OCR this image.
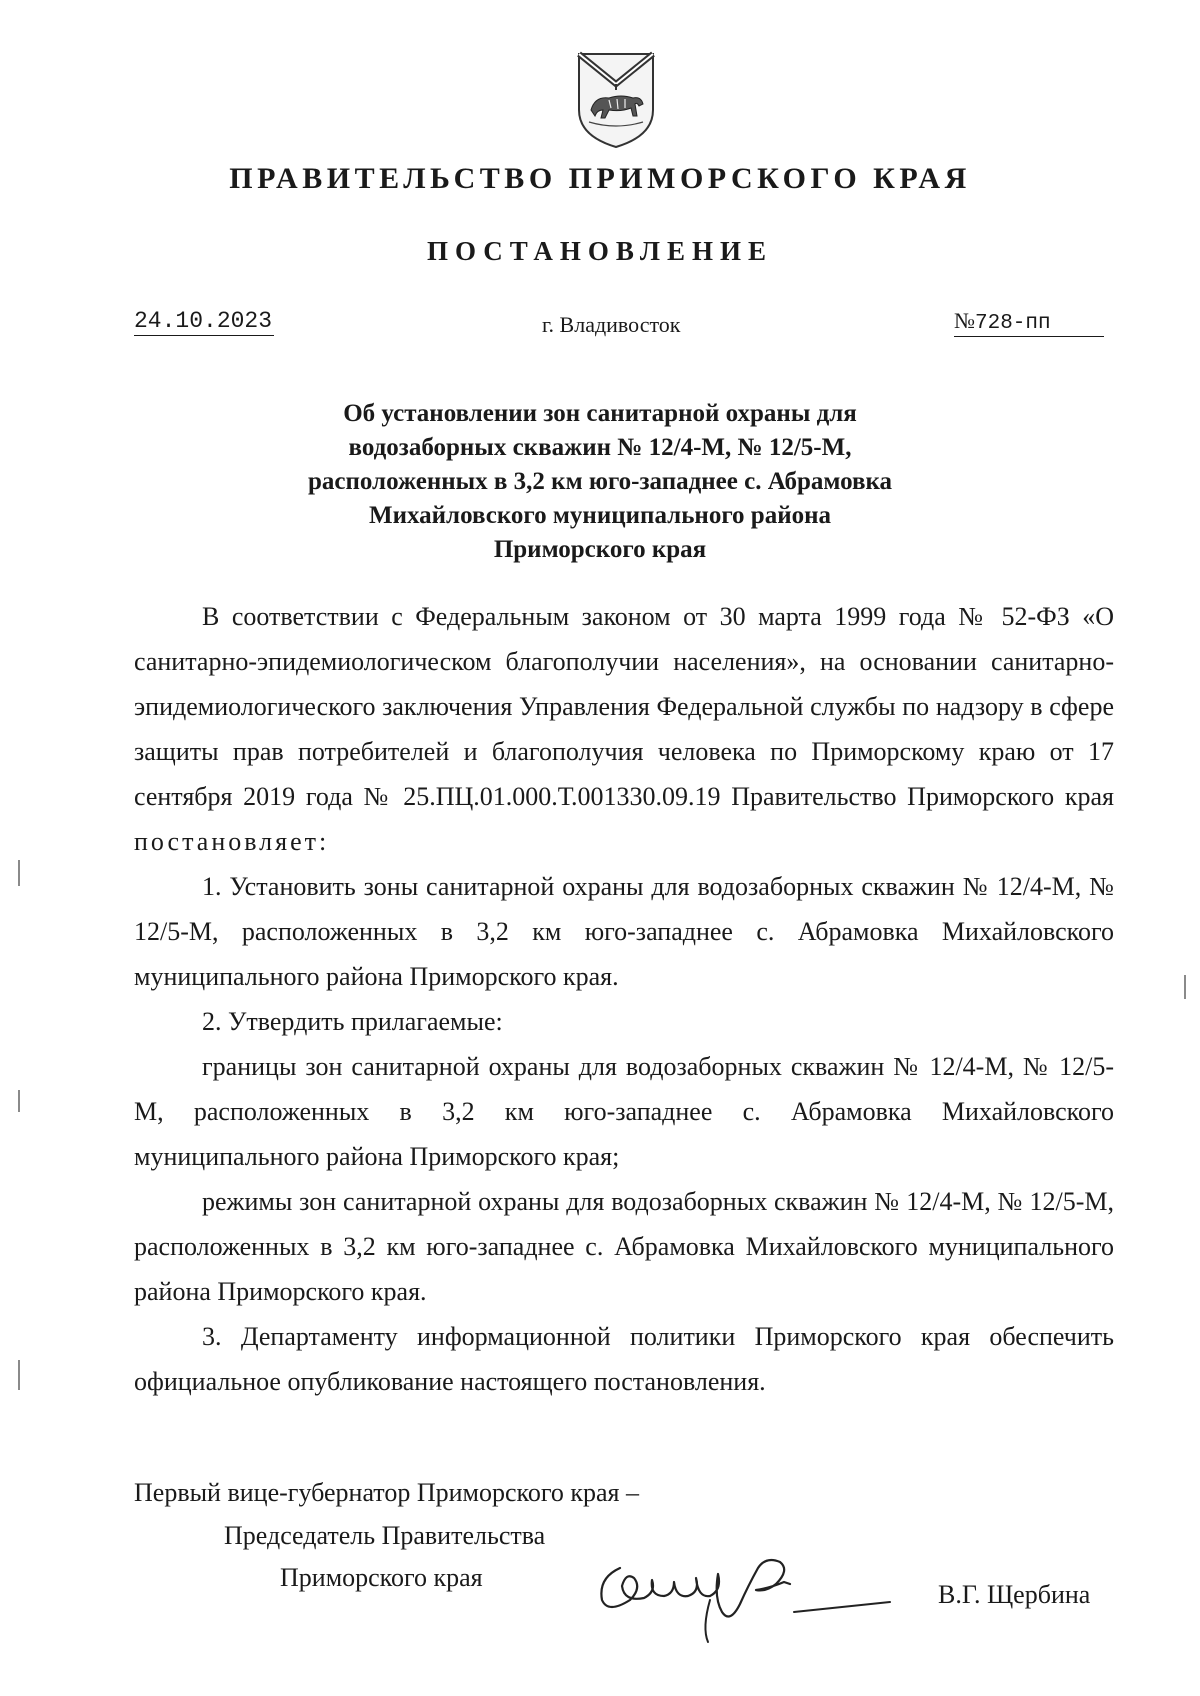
ПРАВИТЕЛЬСТВО ПРИМОРСКОГО КРАЯ
ПОСТАНОВЛЕНИЕ
24.10.2023	г. Владивосток	№728-пп
Об установлении зон санитарной охраны для
водозаборных скважин № 12/4-М, № 12/5-М,
расположенных в 3,2 км юго-западнее с. Абрамовка
Михайловского муниципального района
Приморского края

В соответствии с Федеральным законом от 30 марта 1999 года № 52-ФЗ «О санитарно-эпидемиологическом благополучии населения», на основании санитарно-эпидемиологического заключения Управления Федеральной службы по надзору в сфере защиты прав потребителей и благополучия человека по Приморскому краю от 17 сентября 2019 года № 25.ПЦ.01.000.Т.001330.09.19 Правительство Приморского края постановляет:

1. Установить зоны санитарной охраны для водозаборных скважин № 12/4-М, № 12/5-М, расположенных в 3,2 км юго-западнее с. Абрамовка Михайловского муниципального района Приморского края.

2. Утвердить прилагаемые:

границы зон санитарной охраны для водозаборных скважин № 12/4-М, № 12/5-М, расположенных в 3,2 км юго-западнее с. Абрамовка Михайловского муниципального района Приморского края;

режимы зон санитарной охраны для водозаборных скважин № 12/4-М, № 12/5-М, расположенных в 3,2 км юго-западнее с. Абрамовка Михайловского муниципального района Приморского края.

3. Департаменту информационной политики Приморского края обеспечить официальное опубликование настоящего постановления.

Первый вице-губернатор Приморского края –
Председатель Правительства
Приморского края
В.Г. Щербина
